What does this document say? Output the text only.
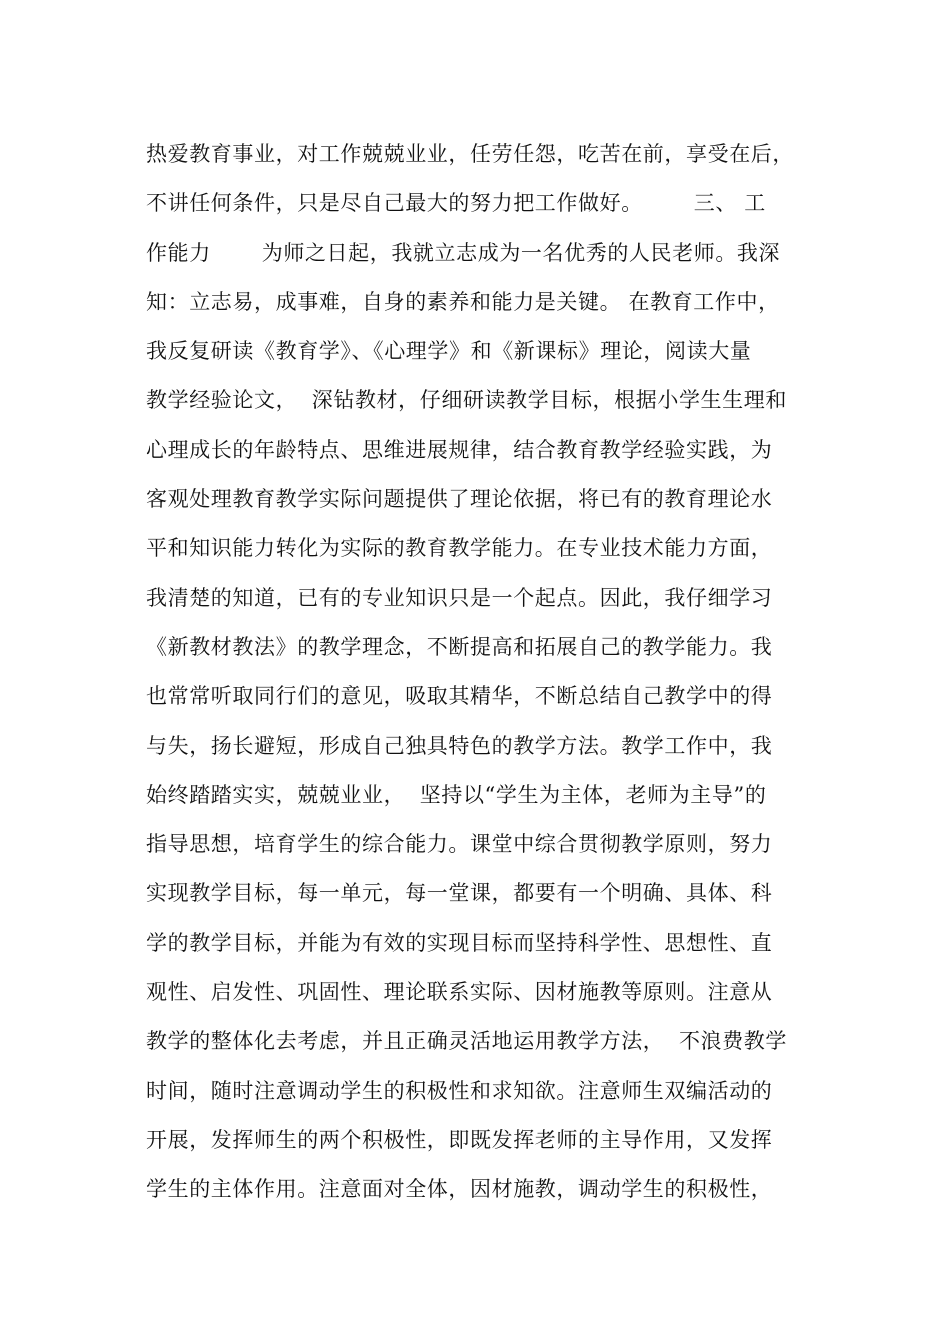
热爱教育事业，对工作兢兢业业，任劳任怨，吃苦在前，享受在后，
不讲任何条件，只是尽自己最大的努力把工作做好。       三、 工
作能力       为师之日起，我就立志成为一名优秀的人民老师。我深
知：立志易，成事难，自身的素养和能力是关键。 在教育工作中，
我反复研读《教育学》、《心理学》和《新课标》理论，阅读大量
教学经验论文，  深钻教材，仔细研读教学目标，根据小学生生理和
心理成长的年龄特点、思维进展规律，结合教育教学经验实践，为
客观处理教育教学实际问题提供了理论依据，将已有的教育理论水
平和知识能力转化为实际的教育教学能力。在专业技术能力方面，
我清楚的知道，已有的专业知识只是一个起点。因此，我仔细学习
《新教材教法》的教学理念，不断提高和拓展自己的教学能力。我
也常常听取同行们的意见，吸取其精华，不断总结自己教学中的得
与失，扬长避短，形成自己独具特色的教学方法。教学工作中，我
始终踏踏实实，兢兢业业，  坚持以“学生为主体，老师为主导”的
指导思想，培育学生的综合能力。课堂中综合贯彻教学原则，努力
实现教学目标，每一单元，每一堂课，都要有一个明确、具体、科
学的教学目标，并能为有效的实现目标而坚持科学性、思想性、直
观性、启发性、巩固性、理论联系实际、因材施教等原则。注意从
教学的整体化去考虑，并且正确灵活地运用教学方法，  不浪费教学
时间，随时注意调动学生的积极性和求知欲。注意师生双编活动的
开展，发挥师生的两个积极性，即既发挥老师的主导作用，又发挥
学生的主体作用。注意面对全体，因材施教，调动学生的积极性，
